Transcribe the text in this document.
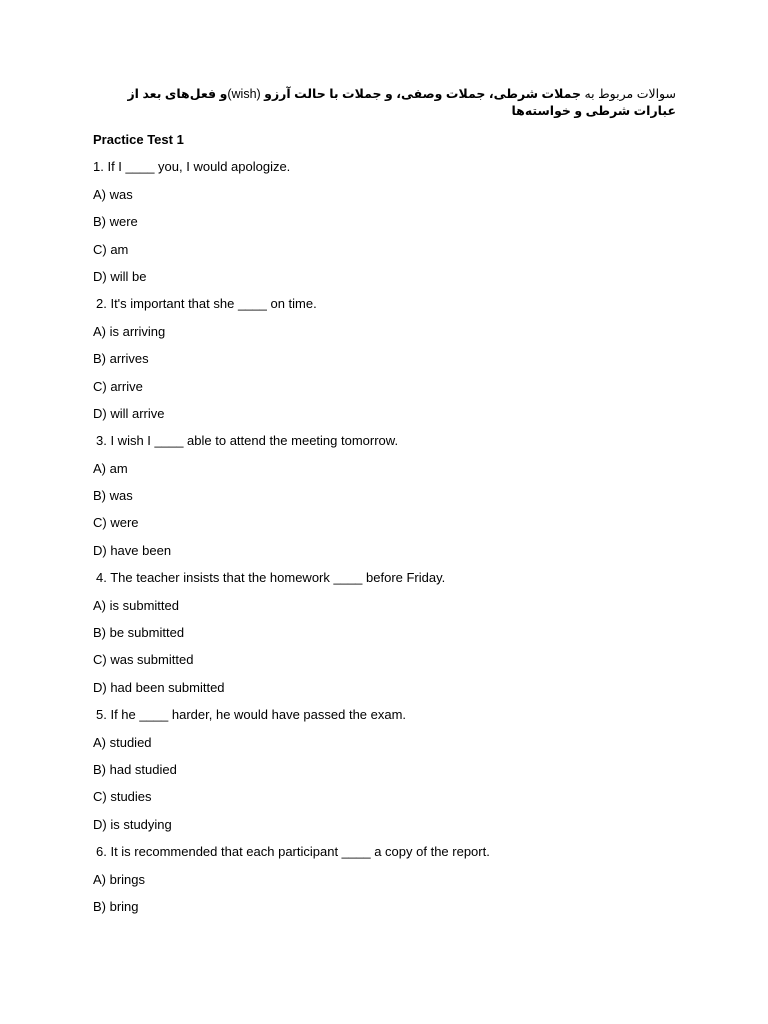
سوالات مربوط به جملات شرطی، جملات وصفی، و جملات با حالت آرزو (wish)و فعل‌های بعد از عبارات شرطی و خواسته‌ها
Practice Test 1
1. If I ____ you, I would apologize.
A) was
B) were
C) am
D) will be
2. It's important that she ____ on time.
A) is arriving
B) arrives
C) arrive
D) will arrive
3. I wish I ____ able to attend the meeting tomorrow.
A) am
B) was
C) were
D) have been
4. The teacher insists that the homework ____ before Friday.
A) is submitted
B) be submitted
C) was submitted
D) had been submitted
5. If he ____ harder, he would have passed the exam.
A) studied
B) had studied
C) studies
D) is studying
6. It is recommended that each participant ____ a copy of the report.
A) brings
B) bring
